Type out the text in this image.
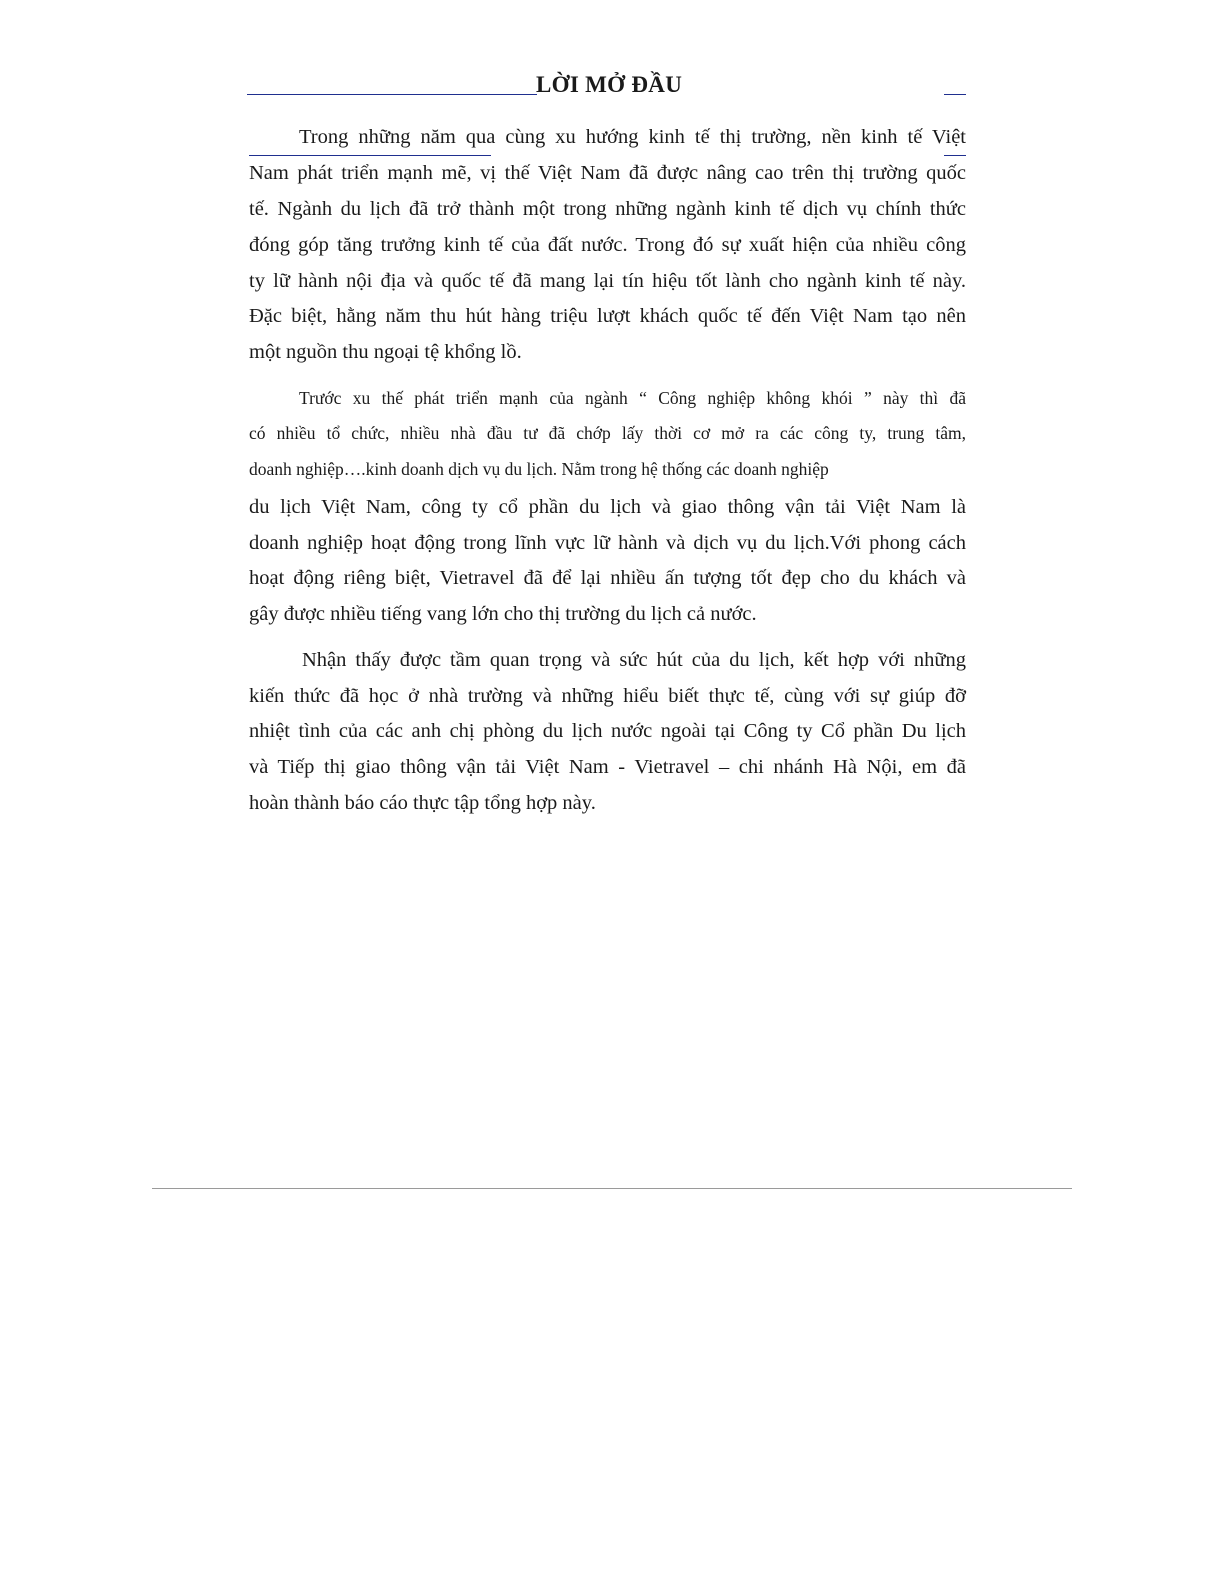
LỜI MỞ ĐẦU
Trong những năm qua cùng xu hướng kinh tế thị trường, nền kinh tế Việt
Nam phát triển mạnh mẽ, vị thế Việt Nam đã được nâng cao trên thị trường quốc
tế. Ngành du lịch đã trở thành một trong những ngành kinh tế dịch vụ chính thức
đóng góp tăng trưởng kinh tế của đất nước. Trong đó sự xuất hiện của nhiều công
ty lữ hành nội địa và quốc tế đã mang lại tín hiệu tốt lành cho ngành kinh tế này.
Đặc biệt, hằng năm thu hút hàng triệu lượt khách quốc tế đến Việt Nam tạo nên
một nguồn thu ngoại tệ khổng lồ.
Trước xu thế phát triển mạnh của ngành “ Công nghiệp không khói ” này thì đã
có nhiều tổ chức, nhiều nhà đầu tư đã chớp lấy thời cơ mở ra các công ty, trung tâm,
doanh nghiệp….kinh doanh dịch vụ du lịch. Nằm trong hệ thống các doanh nghiệp
du lịch Việt Nam, công ty cổ phần du lịch và giao thông vận tải Việt Nam là
doanh nghiệp hoạt động trong lĩnh vực lữ hành và dịch vụ du lịch.Với phong cách
hoạt động riêng biệt, Vietravel đã để lại nhiều ấn tượng tốt đẹp cho du khách và
gây được nhiều tiếng vang lớn cho thị trường du lịch cả nước.
Nhận thấy được tầm quan trọng và sức hút của du lịch, kết hợp với những
kiến thức đã học ở nhà trường và những hiểu biết thực tế, cùng với sự giúp đỡ
nhiệt tình của các anh chị phòng du lịch nước ngoài tại Công ty Cổ phần Du lịch
và Tiếp thị giao thông vận tải Việt Nam - Vietravel – chi nhánh Hà Nội, em đã
hoàn thành báo cáo thực tập tổng hợp này.
